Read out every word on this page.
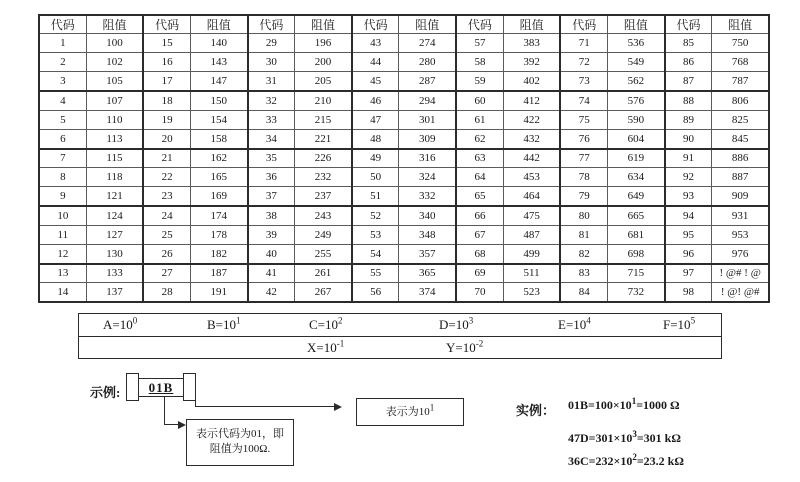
代码	阻值	代码	阻值	代码	阻值	代码	阻值	代码	阻值	代码	阻值	代码	阻值
1	100	15	140	29	196	43	274	57	383	71	536	85	750
2	102	16	143	30	200	44	280	58	392	72	549	86	768
3	105	17	147	31	205	45	287	59	402	73	562	87	787
4	107	18	150	32	210	46	294	60	412	74	576	88	806
5	110	19	154	33	215	47	301	61	422	75	590	89	825
6	113	20	158	34	221	48	309	62	432	76	604	90	845
7	115	21	162	35	226	49	316	63	442	77	619	91	886
8	118	22	165	36	232	50	324	64	453	78	634	92	887
9	121	23	169	37	237	51	332	65	464	79	649	93	909
10	124	24	174	38	243	52	340	66	475	80	665	94	931
11	127	25	178	39	249	53	348	67	487	81	681	95	953
12	130	26	182	40	255	54	357	68	499	82	698	96	976
13	133	27	187	41	261	55	365	69	511	83	715	97	! @# ! @
14	137	28	191	42	267	56	374	70	523	84	732	98	! @! @#
$A=10^0$	$B=10^1$	$C=10^2$	$D=10^3$	$E=10^4$	$F=10^5$
$X=10^{-1}$	$Y=10^{-2}$
示例:	01B
表示为$10^1$
表示代码为01，即
阻值为100Ω.
实例： $01B=100\times 10^1=1000$ Ω
$47D=301\times 10^3=301$ kΩ
$36C=232\times 10^2=23.2$ kΩ
